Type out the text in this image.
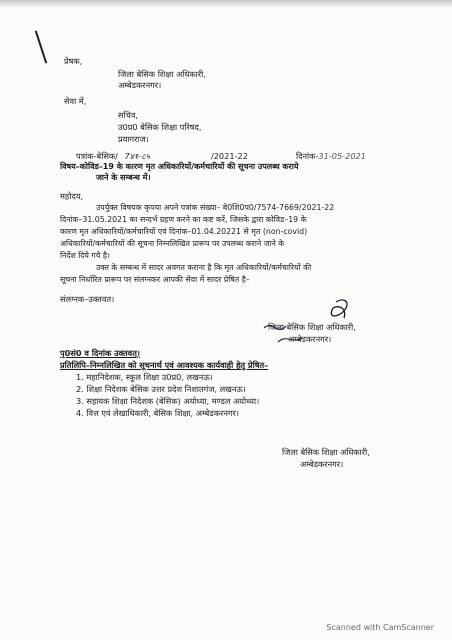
प्रेषक,
जिला बेसिक शिक्षा अधिकारी,
अम्बेडकरनगर।
सेवा में,
सचिव,
उ0प्र0 बेसिक शिक्षा परिषद,
प्रयागराज।
पत्रांक-बेसिक/ 7४१-८५	/2021-22	दिनांक-31-05-2021
विषय–कोविड–19 के कारण मृत अधिकारियों/कर्मचारियों की सूचना उपलब्ध कराये
जाने के सम्बन्ध में।
महोदय,
उपर्युक्त विषयक कृपया अपने पत्रांक संख्या– बे0शि0प0/7574-7669/2021-22
दिनांक–31.05.2021 का सन्दर्भ ग्रहण करने का कष्ट करें, जिसके द्वारा कोविड–19 के
कारण मृत अधिकारियों/कर्मचारियों एवं दिनांक–01.04.20221 से मृत (non-covid)
अधिकारियों/कर्मचारियों की सूचना निम्नलिखित प्रारूप पर उपलब्ध कराने जाने के
निर्देश दिये गये है।
उक्त के सम्बन्ध में सादर अवगत कराना है कि मृत अधिकारियों/कर्मचारियों की
सूचना निर्धारित प्रारूप पर संलग्नकर आपकी सेवा में सादर प्रेषित है–
संलग्नक–उक्तवत।
जिला बेसिक शिक्षा अधिकारी,
अम्बेडकरनगर।
पृ0सं0 व दिनांक उक्तवत्।
प्रतिलिपि–निम्नलिखित को सूचनार्थ एवं आवश्यक कार्यवाही हेतु प्रेषित–
1. महानिदेशक, स्कूल शिक्षा उ0प्र0, लखनऊ।
2. शिक्षा निदेशक बेसिक उत्तर प्रदेश निशातगंज, लखनऊ।
3. सहायक शिक्षा निदेशक (बेसिक) अयोध्या, मण्डल अयोध्या।
4. वित्त एवं लेखाधिकारी, बेसिक शिक्षा, अम्बेडकरनगर।
जिला बेसिक शिक्षा अधिकारी,
अम्बेडकरनगर।
Scanned with CamScanner
